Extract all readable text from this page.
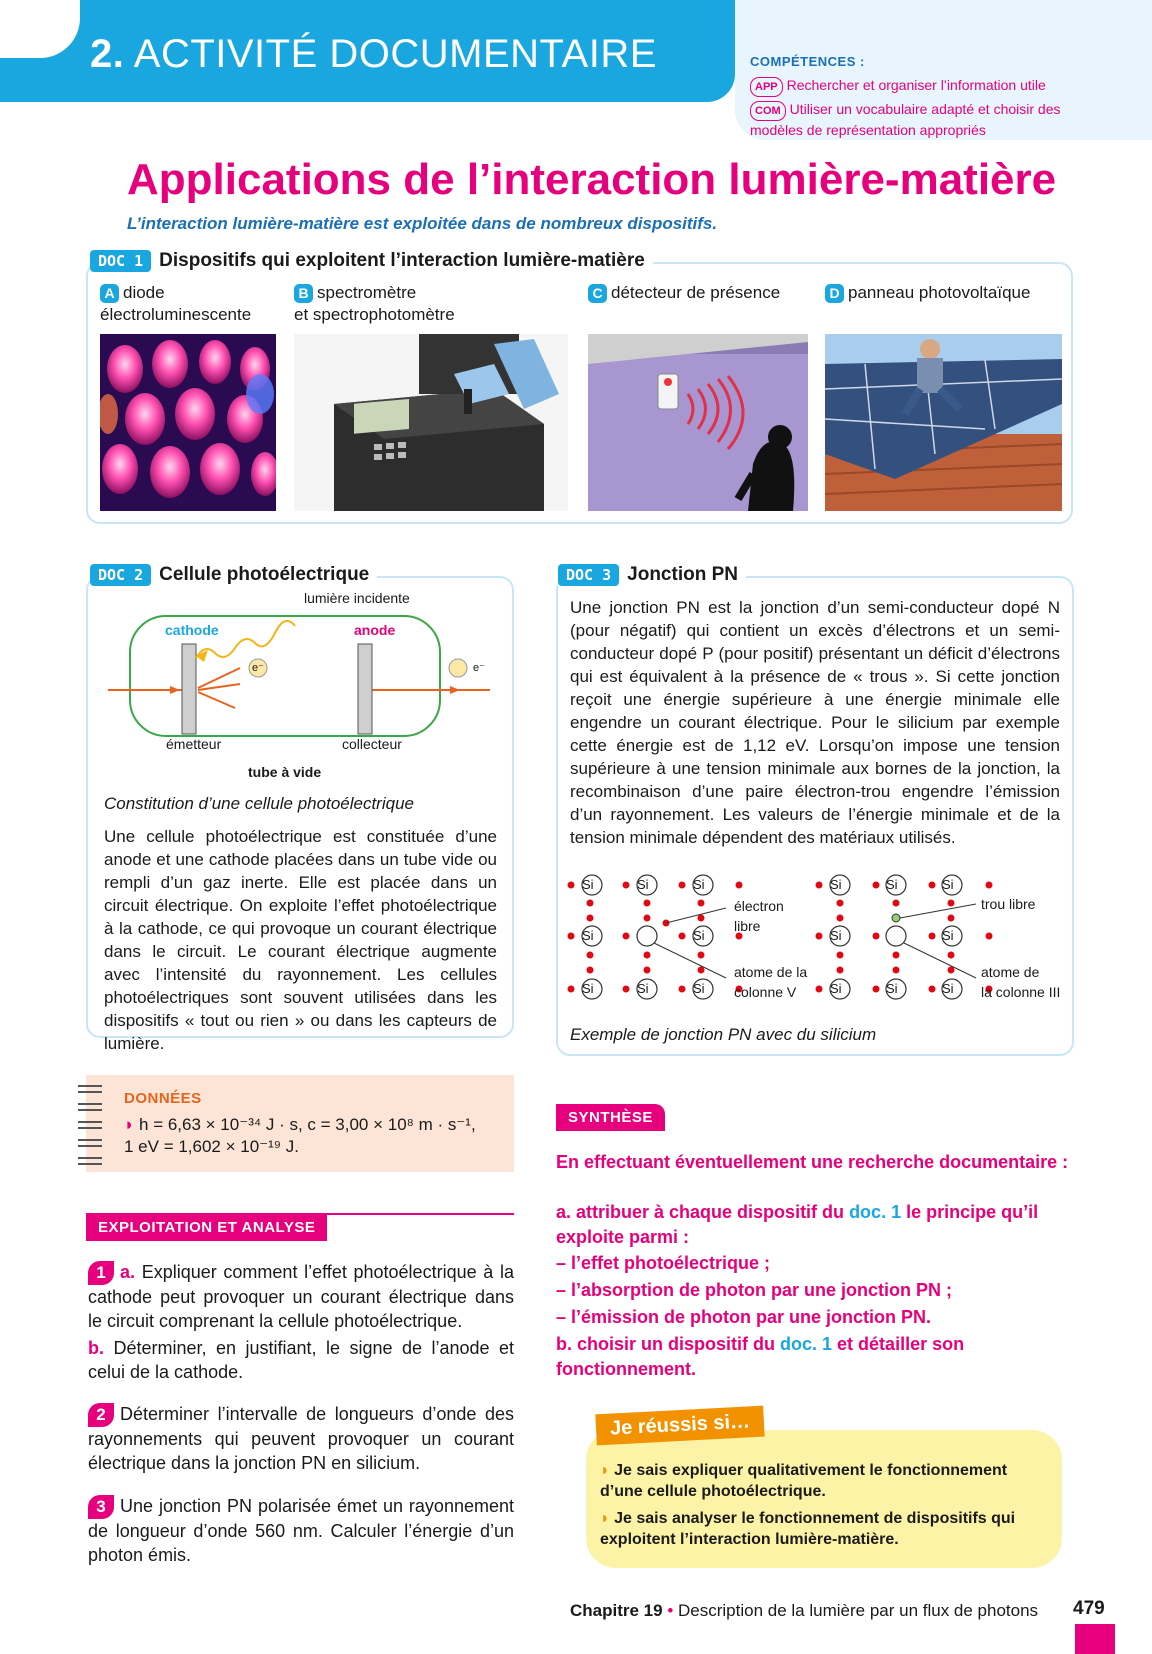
2. ACTIVITÉ DOCUMENTAIRE	COMPÉTENCES :
APP Rechercher et organiser l’information utile
COM Utiliser un vocabulaire adapté et choisir des modèles de représentation appropriés
Applications de l’interaction lumière-matière
L’interaction lumière-matière est exploitée dans de nombreux dispositifs.
DOC 1 Dispositifs qui exploitent l’interaction lumière-matière
A diode
électroluminescente
B spectromètre
et spectrophotomètre
C détecteur de présence	D panneau photovoltaïque
DOC 2 Cellule photoélectrique
lumière incidente
cathode	anode
e⁻	e⁻
émetteur	collecteur
tube à vide
Constitution d’une cellule photoélectrique
Une cellule photoélectrique est constituée d’une anode et une cathode placées dans un tube vide ou rempli d’un gaz inerte. Elle est placée dans un circuit électrique. On exploite l’effet photoélectrique à la cathode, ce qui provoque un courant électrique dans le circuit. Le courant électrique augmente avec l’intensité du rayonnement. Les cellules photoélectriques sont souvent utilisées dans les dispositifs « tout ou rien » ou dans les capteurs de lumière.
DOC 3 Jonction PN
Une jonction PN est la jonction d’un semi-conducteur dopé N (pour négatif) qui contient un excès d’électrons et un semi-conducteur dopé P (pour positif) présentant un déficit d’électrons qui est équivalent à la présence de « trous ». Si cette jonction reçoit une énergie supérieure à une énergie minimale elle engendre un courant électrique. Pour le silicium par exemple cette énergie est de 1,12 eV. Lorsqu’on impose une tension supérieure à une tension minimale aux bornes de la jonction, la recombinaison d’une paire électron-trou engendre l’émission d’un rayonnement. Les valeurs de l’énergie minimale et de la tension minimale dépendent des matériaux utilisés.
Si	Si	Si
Si	Si
Si	Si	Si
Si	Si	Si
Si	Si
Si	Si	Si
électron
libre
atome de la
colonne V
trou libre
atome de
la colonne III
Exemple de jonction PN avec du silicium
DONNÉES
◗ h = 6,63 × 10⁻³⁴ J · s, c = 3,00 × 10⁸ m · s⁻¹,
1 eV = 1,602 × 10⁻¹⁹ J.
EXPLOITATION ET ANALYSE
1 a. Expliquer comment l’effet photoélectrique à la cathode peut provoquer un courant électrique dans le circuit comprenant la cellule photoélectrique.
b. Déterminer, en justifiant, le signe de l’anode et celui de la cathode.
2 Déterminer l’intervalle de longueurs d’onde des rayonnements qui peuvent provoquer un courant électrique dans la jonction PN en silicium.
3 Une jonction PN polarisée émet un rayonnement de longueur d’onde 560 nm. Calculer l’énergie d’un photon émis.
SYNTHÈSE
En effectuant éventuellement une recherche documentaire :
a. attribuer à chaque dispositif du doc. 1 le principe qu’il exploite parmi :
– l’effet photoélectrique ;
– l’absorption de photon par une jonction PN ;
– l’émission de photon par une jonction PN.
b. choisir un dispositif du doc. 1 et détailler son fonctionnement.
Je réussis si…
◗ Je sais expliquer qualitativement le fonctionnement d’une cellule photoélectrique.
◗ Je sais analyser le fonctionnement de dispositifs qui exploitent l’interaction lumière-matière.
Chapitre 19 • Description de la lumière par un flux de photons 479
